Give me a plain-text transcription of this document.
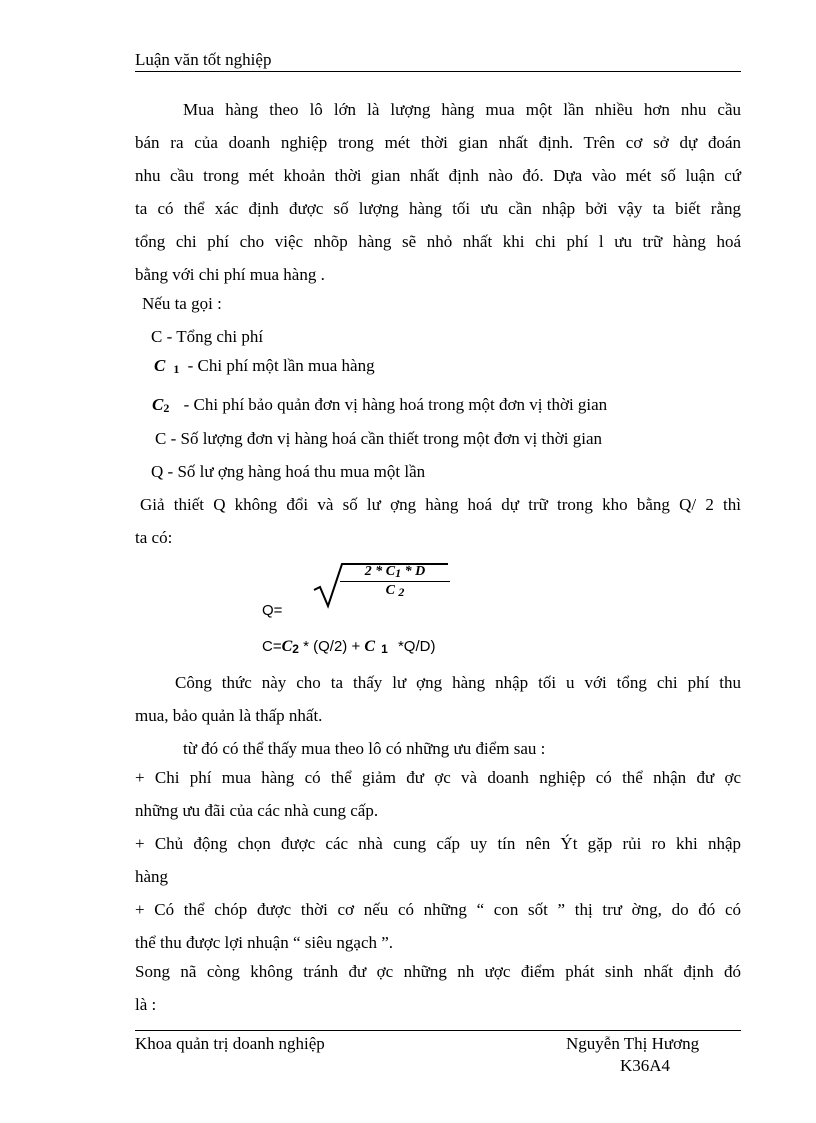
Luận văn tốt nghiệp
Mua hàng theo lô lớn là lượng hàng mua một lần nhiều hơn nhu cầu
bán ra của doanh nghiệp trong mét thời gian nhất định. Trên cơ sở dự đoán
nhu cầu trong mét khoản thời gian nhất định nào đó. Dựa vào mét số luận cứ
ta có thể xác định được số lượng hàng tối ưu cần nhập bởi vậy ta biết rằng
tổng chi phí cho việc nhõp hàng sẽ nhỏ nhất khi chi phí l ưu trữ hàng hoá
bằng với chi phí mua hàng .
Nếu ta gọi :
C - Tổng chi phí
C 1 - Chi phí một lần mua hàng
C2 - Chi phí bảo quản đơn vị hàng hoá trong một đơn vị thời gian
C - Số lượng đơn vị hàng hoá cần thiết trong một đơn vị thời gian
Q - Số lư ợng hàng hoá thu mua một lần
Giả thiết Q không đổi và số lư ợng hàng hoá dự trữ trong kho bằng Q/ 2 thì
ta có:
$\frac{2 * C1 * D}{C 2}$
Q=
C=C2 * (Q/2) + C 1 *Q/D)
Công thức này cho ta thấy lư ợng hàng nhập tối u với tổng chi phí thu
mua, bảo quản là thấp nhất.
từ đó có thể thấy mua theo lô có những ưu điểm sau :
+ Chi phí mua hàng có thể giảm đư ợc và doanh nghiệp có thể nhận đư ợc
những ưu đãi của các nhà cung cấp.
+ Chủ động chọn được các nhà cung cấp uy tín nên Ýt gặp rủi ro khi nhập
hàng
+ Có thể chóp được thời cơ nếu có những “ con sốt ” thị trư ờng, do đó có
thể thu được lợi nhuận “ siêu ngạch ”.
Song nã còng không tránh đư ợc những nh ược điểm phát sinh nhất định đó
là :
Khoa quản trị doanh nghiệp	Nguyễn Thị Hương
K36A4
